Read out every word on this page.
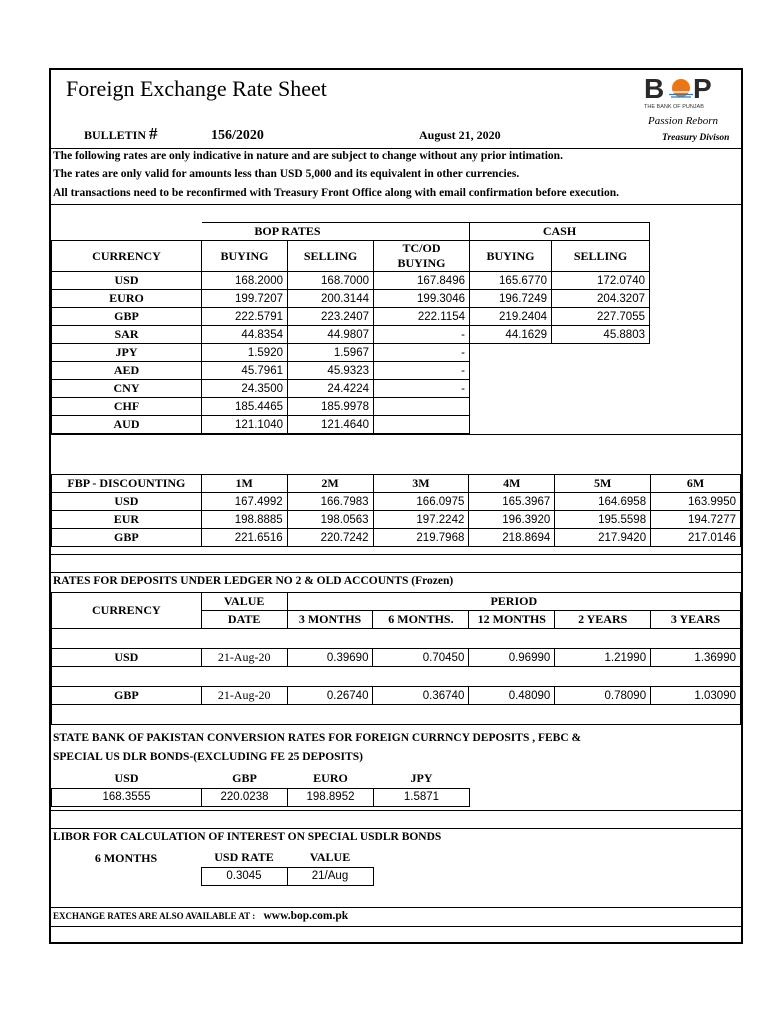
Foreign Exchange Rate Sheet
BULLETIN #	156/2020	August 21, 2020
B P
THE BANK OF PUNJAB
Passion Reborn
Treasury Divison
The following rates are only indicative in nature and are subject to change without any prior intimation.
The rates are only valid for amounts less than USD 5,000 and its equivalent in other currencies.
All transactions need to be reconfirmed with Treasury Front Office along with email confirmation before execution.
	BOP RATES			CASH	
CURRENCY	BUYING	SELLING	TC/OD BUYING	BUYING	SELLING
USD	168.2000	168.7000	167.8496	165.6770	172.0740
EURO	199.7207	200.3144	199.3046	196.7249	204.3207
GBP	222.5791	223.2407	222.1154	219.2404	227.7055
SAR	44.8354	44.9807	-	44.1629	45.8803
JPY	1.5920	1.5967	-		
AED	45.7961	45.9323	-		
CNY	24.3500	24.4224	-		
CHF	185.4465	185.9978			
AUD	121.1040	121.4640			
FBP - DISCOUNTING	1M	2M	3M	4M	5M	6M
USD	167.4992	166.7983	166.0975	165.3967	164.6958	163.9950
EUR	198.8885	198.0563	197.2242	196.3920	195.5598	194.7277
GBP	221.6516	220.7242	219.7968	218.8694	217.9420	217.0146
RATES FOR DEPOSITS UNDER LEDGER NO 2 & OLD ACCOUNTS (Frozen)
CURRENCY	VALUE	PERIOD				
	DATE	3 MONTHS	6 MONTHS.	12 MONTHS	2 YEARS	3 YEARS

USD	21-Aug-20	0.39690	0.70450	0.96990	1.21990	1.36990

GBP	21-Aug-20	0.26740	0.36740	0.48090	0.78090	1.03090

STATE BANK OF PAKISTAN CONVERSION RATES FOR FOREIGN CURRNCY DEPOSITS , FEBC &
SPECIAL US DLR BONDS-(EXCLUDING FE 25 DEPOSITS)
USD	GBP	EURO	JPY
168.3555	220.0238	198.8952	1.5871
LIBOR FOR CALCULATION OF INTEREST ON SPECIAL USDLR BONDS
6 MONTHS	USD RATE	VALUE
	0.3045	21/Aug
EXCHANGE RATES ARE ALSO AVAILABLE AT : www.bop.com.pk
